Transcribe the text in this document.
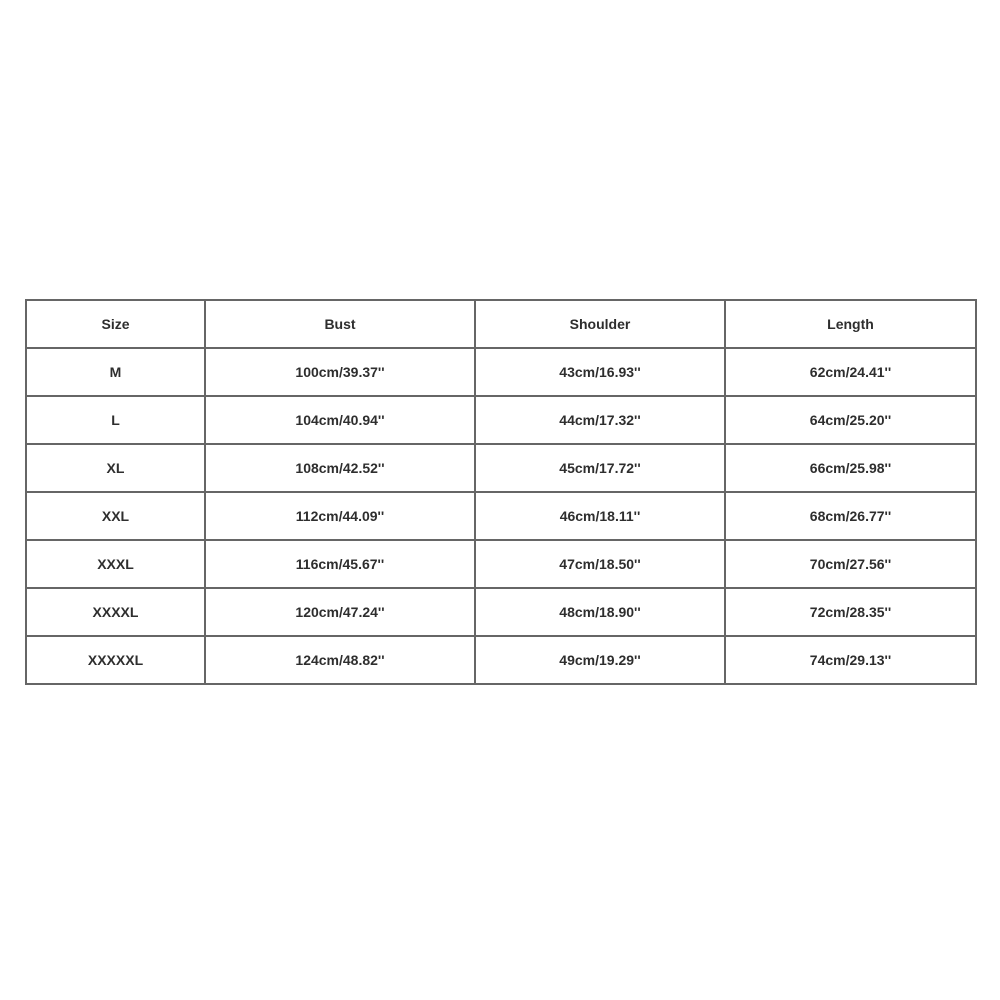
Size	Bust	Shoulder	Length
M	100cm/39.37''	43cm/16.93''	62cm/24.41''
L	104cm/40.94''	44cm/17.32''	64cm/25.20''
XL	108cm/42.52''	45cm/17.72''	66cm/25.98''
XXL	112cm/44.09''	46cm/18.11''	68cm/26.77''
XXXL	116cm/45.67''	47cm/18.50''	70cm/27.56''
XXXXL	120cm/47.24''	48cm/18.90''	72cm/28.35''
XXXXXL	124cm/48.82''	49cm/19.29''	74cm/29.13''
